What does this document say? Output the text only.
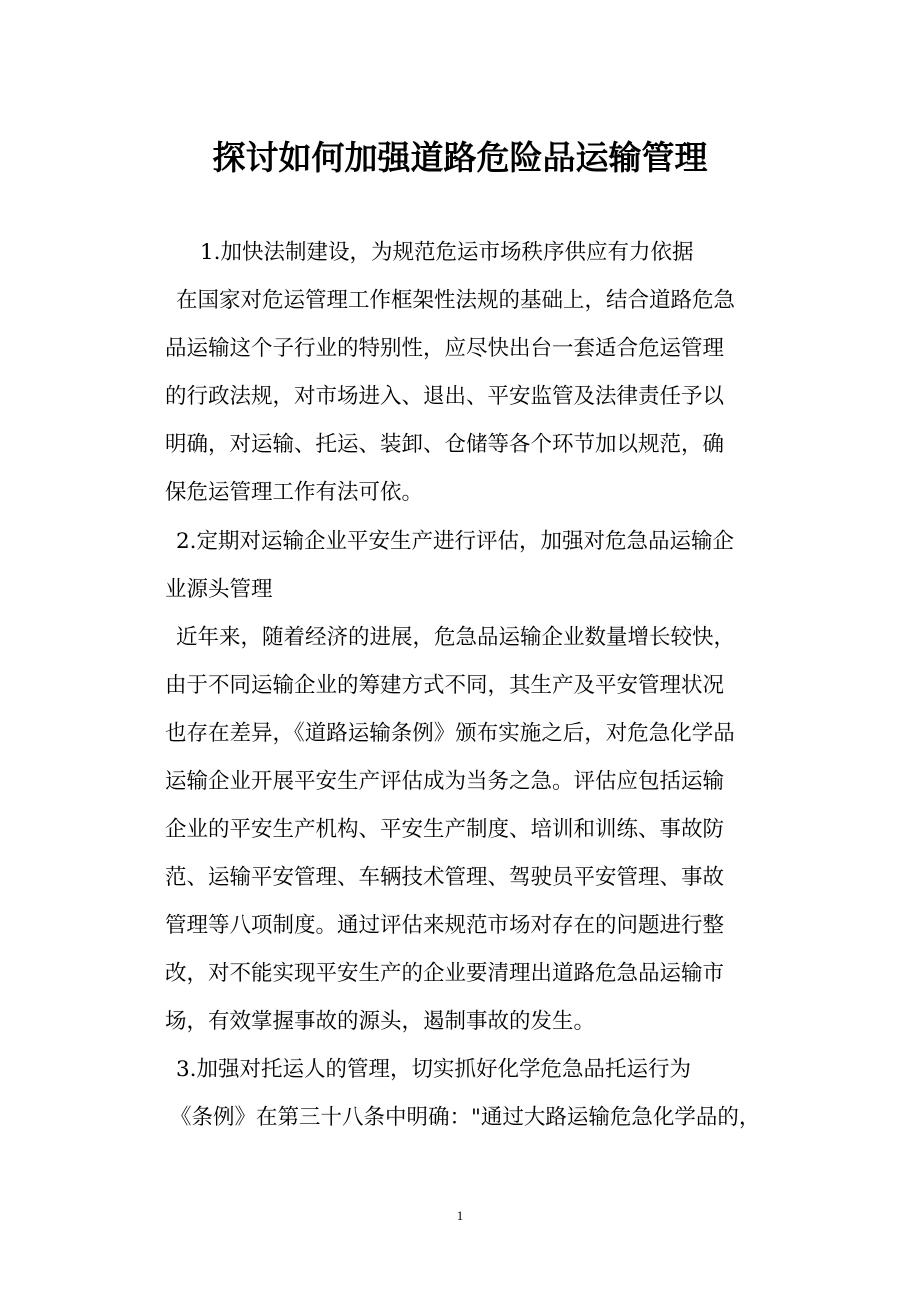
探讨如何加强道路危险品运输管理

1.加快法制建设，为规范危运市场秩序供应有力依据

在国家对危运管理工作框架性法规的基础上，结合道路危急

品运输这个子行业的特别性，应尽快出台一套适合危运管理

的行政法规，对市场进入、退出、平安监管及法律责任予以

明确，对运输、托运、装卸、仓储等各个环节加以规范，确

保危运管理工作有法可依。

2.定期对运输企业平安生产进行评估，加强对危急品运输企

业源头管理

近年来，随着经济的进展，危急品运输企业数量增长较快，

由于不同运输企业的筹建方式不同，其生产及平安管理状况

也存在差异，《道路运输条例》颁布实施之后，对危急化学品

运输企业开展平安生产评估成为当务之急。评估应包括运输

企业的平安生产机构、平安生产制度、培训和训练、事故防

范、运输平安管理、车辆技术管理、驾驶员平安管理、事故

管理等八项制度。通过评估来规范市场对存在的问题进行整

改，对不能实现平安生产的企业要清理出道路危急品运输市

场，有效掌握事故的源头，遏制事故的发生。

3.加强对托运人的管理，切实抓好化学危急品托运行为

《条例》在第三十八条中明确："通过大路运输危急化学品的，

1
